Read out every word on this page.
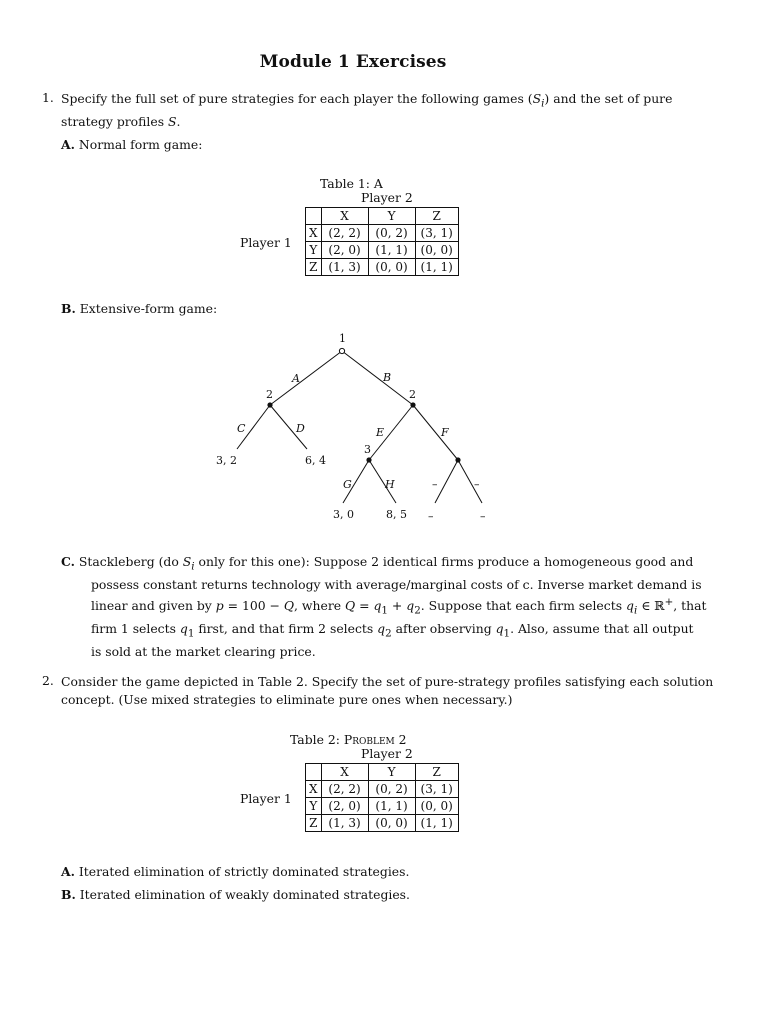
Module 1 Exercises
1. Specify the full set of pure strategies for each player the following games $(S_i)$ and the set of pure
strategy profiles S.
A. Normal form game:
Table 1: A
Player 2
Player 1
	X	Y	Z
X	(2, 2)	(0, 2)	(3, 1)
Y	(2, 0)	(1, 1)	(0, 0)
Z	(1, 3)	(0, 0)	(1, 1)
B. Extensive-form game:
1
2	2
3
A	B
C	D	E	F
G	H	–	–
3, 2	6, 4
3, 0	8, 5 –	–
C. Stackleberg (do $S_i$ only for this one): Suppose 2 identical firms produce a homogeneous good and
possess constant returns technology with average/marginal costs of c. Inverse market demand is
linear and given by p = 100 − Q, where $Q = q_1 + q_2$. Suppose that each firm selects $q_i$ ∈ ℝ+, that
firm 1 selects $q_1$ first, and that firm 2 selects $q_2$ after observing $q_1$. Also, assume that all output
is sold at the market clearing price.
2. Consider the game depicted in Table 2. Specify the set of pure-strategy profiles satisfying each solution
concept. (Use mixed strategies to eliminate pure ones when necessary.)
Table 2: Problem 2
Player 2
Player 1
	X	Y	Z
X	(2, 2)	(0, 2)	(3, 1)
Y	(2, 0)	(1, 1)	(0, 0)
Z	(1, 3)	(0, 0)	(1, 1)
A. Iterated elimination of strictly dominated strategies.
B. Iterated elimination of weakly dominated strategies.
